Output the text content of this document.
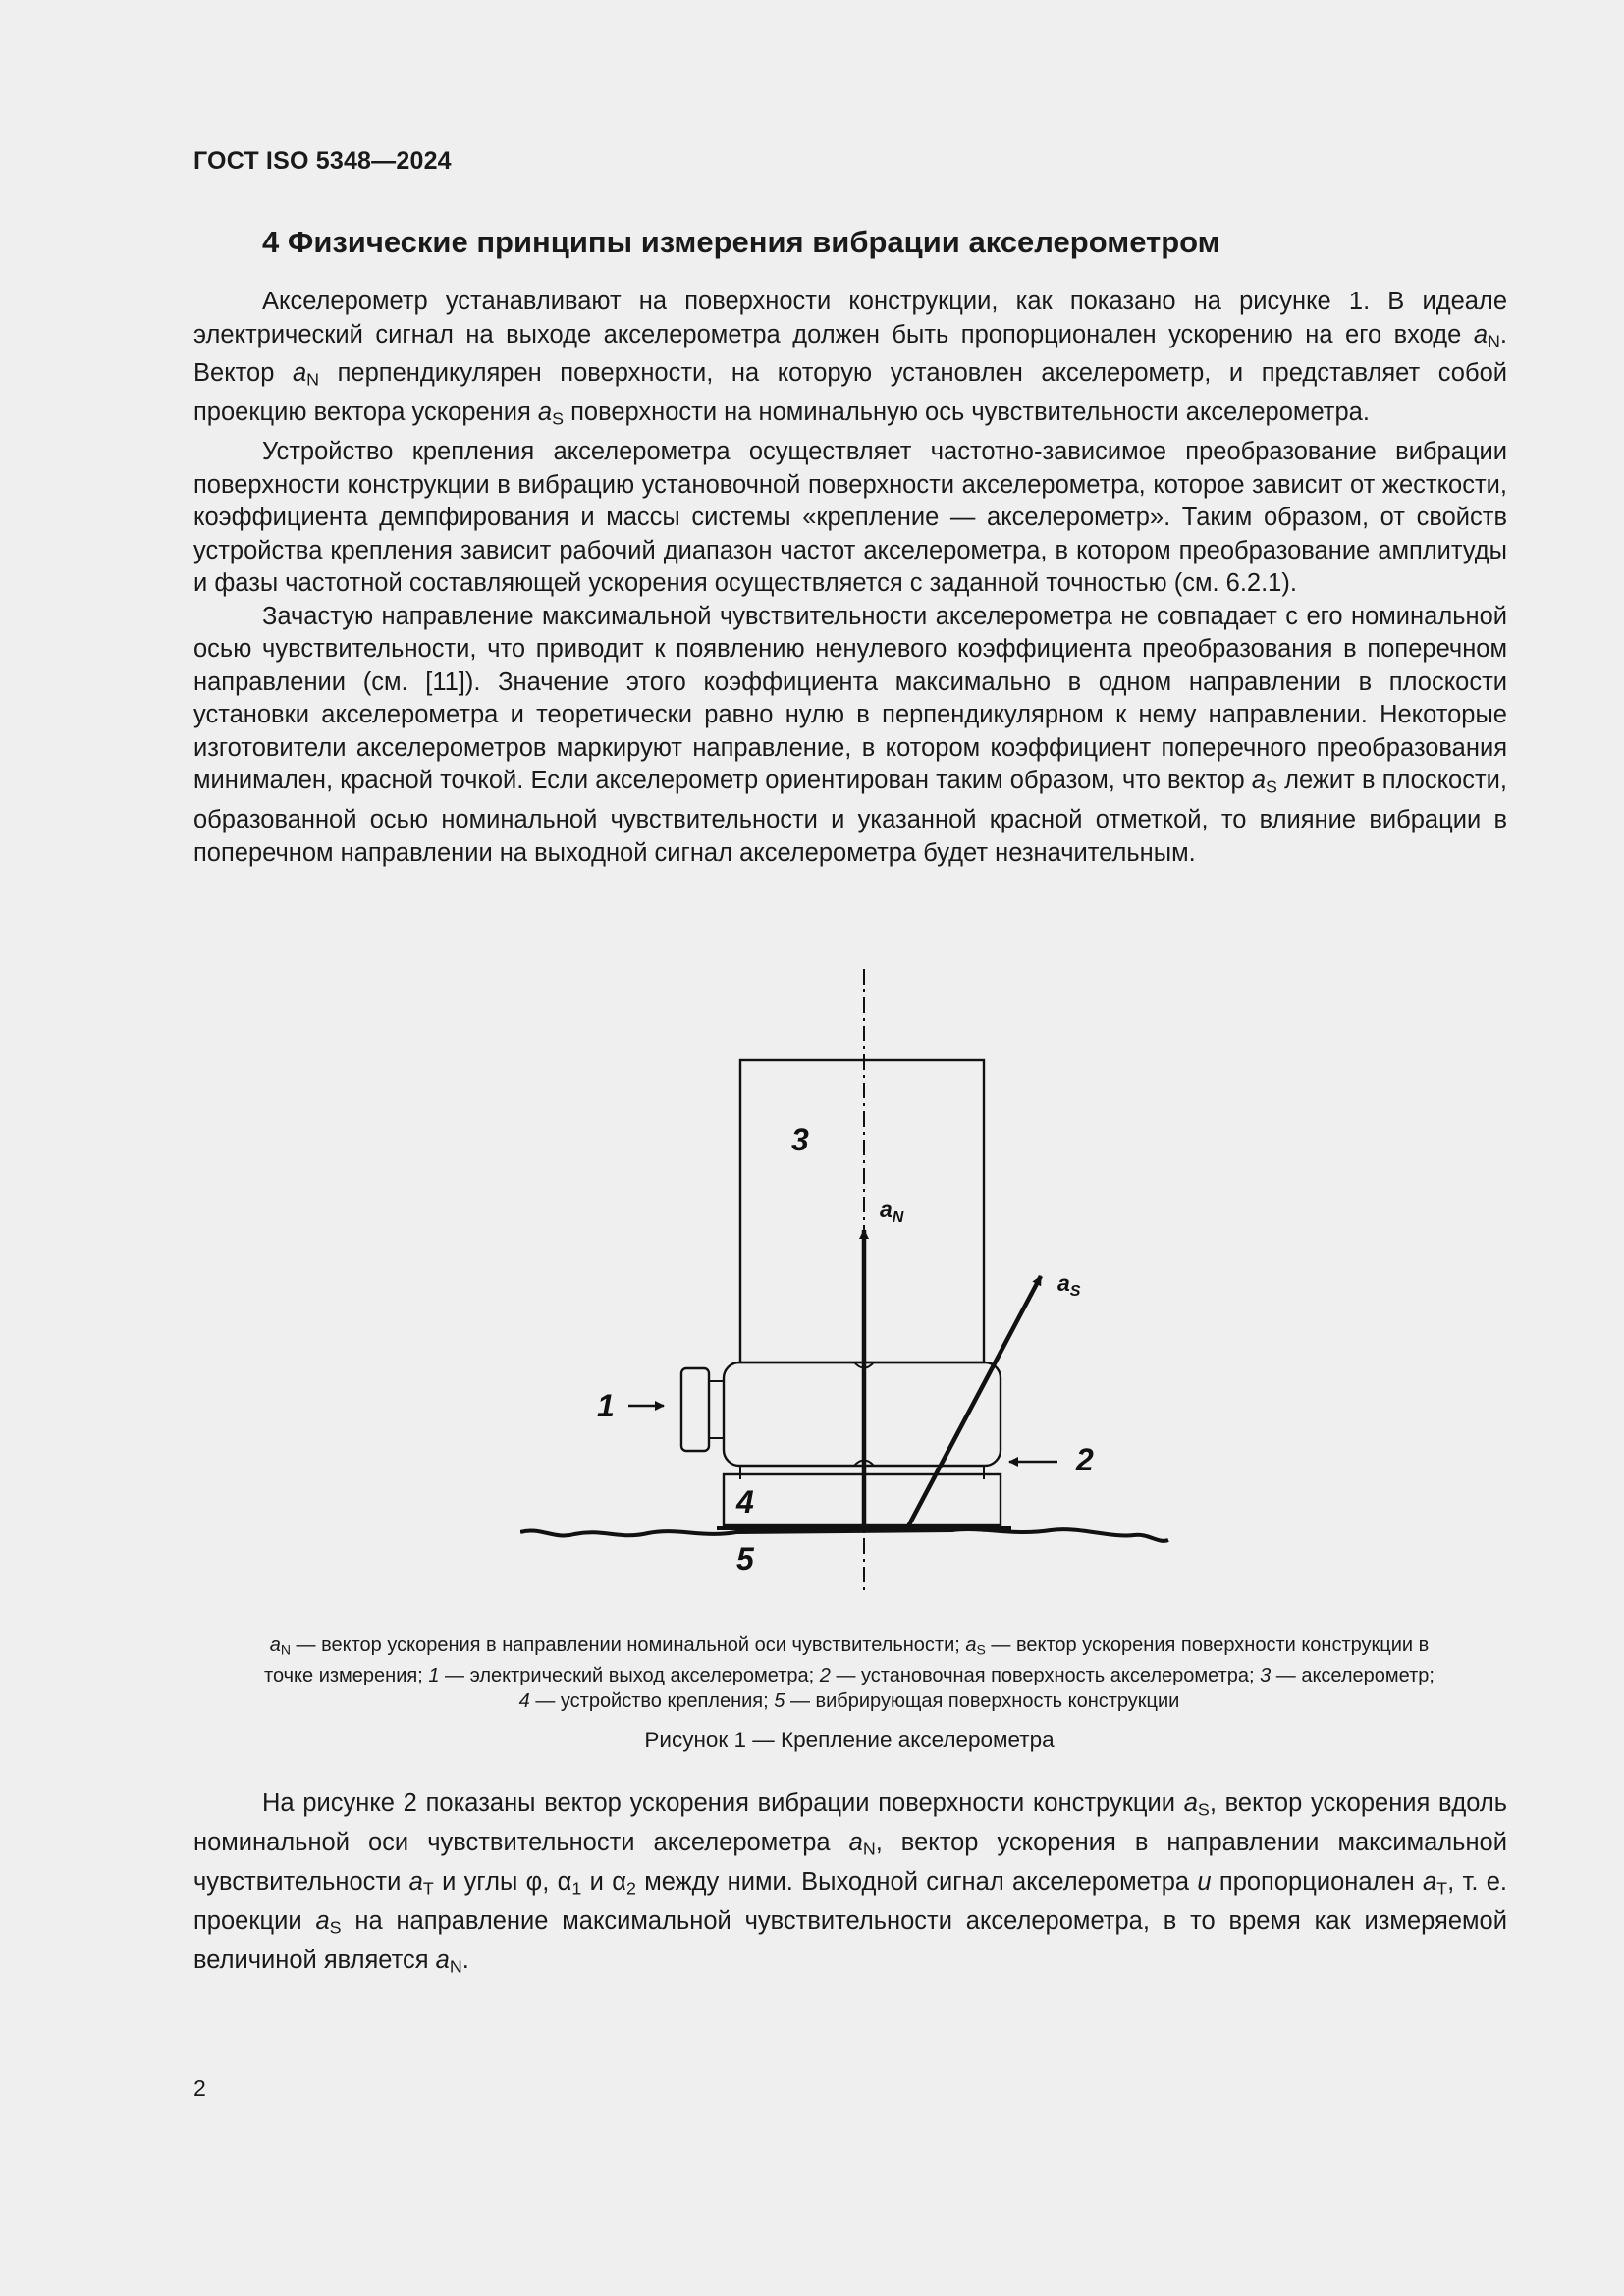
ГОСТ ISO 5348—2024
4 Физические принципы измерения вибрации акселерометром

Акселерометр устанавливают на поверхности конструкции, как показано на рисунке 1. В идеале электрический сигнал на выходе акселерометра должен быть пропорционален ускорению на его входе $a_N$. Вектор $a_N$ перпендикулярен поверхности, на которую установлен акселерометр, и представляет собой проекцию вектора ускорения $a_S$ поверхности на номинальную ось чувствительности акселерометра.

Устройство крепления акселерометра осуществляет частотно-зависимое преобразование вибрации поверхности конструкции в вибрацию установочной поверхности акселерометра, которое зависит от жесткости, коэффициента демпфирования и массы системы «крепление — акселерометр». Таким образом, от свойств устройства крепления зависит рабочий диапазон частот акселерометра, в котором преобразование амплитуды и фазы частотной составляющей ускорения осуществляется с заданной точностью (см. 6.2.1).

Зачастую направление максимальной чувствительности акселерометра не совпадает с его номинальной осью чувствительности, что приводит к появлению ненулевого коэффициента преобразования в поперечном направлении (см. [11]). Значение этого коэффициента максимально в одном направлении в плоскости установки акселерометра и теоретически равно нулю в перпендикулярном к нему направлении. Некоторые изготовители акселерометров маркируют направление, в котором коэффициент поперечного преобразования минимален, красной точкой. Если акселерометр ориентирован таким образом, что вектор $a_S$ лежит в плоскости, образованной осью номинальной чувствительности и указанной красной отметкой, то влияние вибрации в поперечном направлении на выходной сигнал акселерометра будет незначительным.

3
$a_N$
$a_S$
1
2
4
5
$a_N$ — вектор ускорения в направлении номинальной оси чувствительности; $a_S$ — вектор ускорения поверхности конструкции в точке измерения; 1 — электрический выход акселерометра; 2 — установочная поверхность акселерометра; 3 — акселерометр; 4 — устройство крепления; 5 — вибрирующая поверхность конструкции
Рисунок 1 — Крепление акселерометра

На рисунке 2 показаны вектор ускорения вибрации поверхности конструкции $a_S$, вектор ускорения вдоль номинальной оси чувствительности акселерометра $a_N$, вектор ускорения в направлении максимальной чувствительности $a_T$ и углы φ, $\alpha_1$ и $\alpha_2$ между ними. Выходной сигнал акселерометра u пропорционален $a_T$, т. е. проекции $a_S$ на направление максимальной чувствительности акселерометра, в то время как измеряемой величиной является $a_N$.

2
